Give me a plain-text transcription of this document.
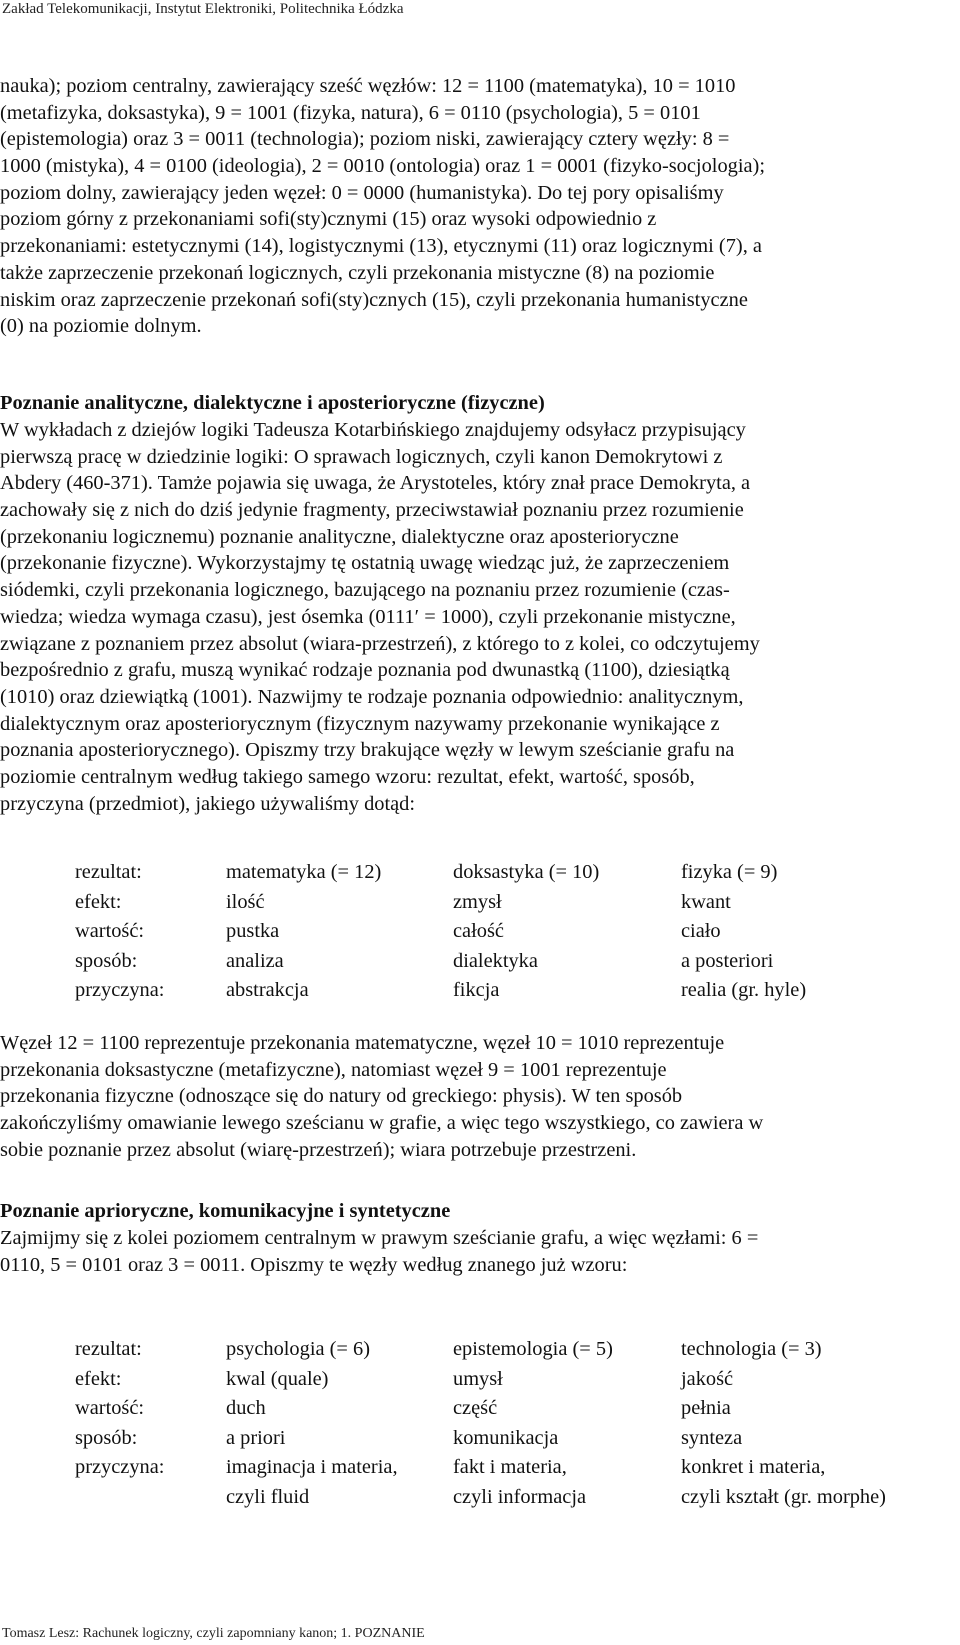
Zakład Telekomunikacji, Instytut Elektroniki, Politechnika Łódzka
nauka); poziom centralny, zawierający sześć węzłów: 12 = 1100 (matematyka), 10 = 1010
(metafizyka, doksastyka), 9 = 1001 (fizyka, natura), 6 = 0110 (psychologia), 5 = 0101
(epistemologia) oraz 3 = 0011 (technologia); poziom niski, zawierający cztery węzły: 8 =
1000 (mistyka), 4 = 0100 (ideologia), 2 = 0010 (ontologia) oraz 1 = 0001 (fizyko-socjologia);
poziom dolny, zawierający jeden węzeł: 0 = 0000 (humanistyka). Do tej pory opisaliśmy
poziom górny z przekonaniami sofi(sty)cznymi (15) oraz wysoki odpowiednio z
przekonaniami: estetycznymi (14), logistycznymi (13), etycznymi (11) oraz logicznymi (7), a
także zaprzeczenie przekonań logicznych, czyli przekonania mistyczne (8) na poziomie
niskim oraz zaprzeczenie przekonań sofi(sty)cznych (15), czyli przekonania humanistyczne
(0) na poziomie dolnym.
Poznanie analityczne, dialektyczne i aposterioryczne (fizyczne)
W wykładach z dziejów logiki Tadeusza Kotarbińskiego znajdujemy odsyłacz przypisujący
pierwszą pracę w dziedzinie logiki: O sprawach logicznych, czyli kanon Demokrytowi z
Abdery (460-371). Tamże pojawia się uwaga, że Arystoteles, który znał prace Demokryta, a
zachowały się z nich do dziś jedynie fragmenty, przeciwstawiał poznaniu przez rozumienie
(przekonaniu logicznemu) poznanie analityczne, dialektyczne oraz aposterioryczne
(przekonanie fizyczne). Wykorzystajmy tę ostatnią uwagę wiedząc już, że zaprzeczeniem
siódemki, czyli przekonania logicznego, bazującego na poznaniu przez rozumienie (czas-
wiedza; wiedza wymaga czasu), jest ósemka (0111′ = 1000), czyli przekonanie mistyczne,
związane z poznaniem przez absolut (wiara-przestrzeń), z którego to z kolei, co odczytujemy
bezpośrednio z grafu, muszą wynikać rodzaje poznania pod dwunastką (1100), dziesiątką
(1010) oraz dziewiątką (1001). Nazwijmy te rodzaje poznania odpowiednio: analitycznym,
dialektycznym oraz aposteriorycznym (fizycznym nazywamy przekonanie wynikające z
poznania aposteriorycznego). Opiszmy trzy brakujące węzły w lewym sześcianie grafu na
poziomie centralnym według takiego samego wzoru: rezultat, efekt, wartość, sposób,
przyczyna (przedmiot), jakiego używaliśmy dotąd:
rezultat:	matematyka (= 12)	doksastyka (= 10)	fizyka (= 9)
efekt:	ilość	zmysł	kwant
wartość:	pustka	całość	ciało
sposób:	analiza	dialektyka	a posteriori
przyczyna:	abstrakcja	fikcja	realia (gr. hyle)
Węzeł 12 = 1100 reprezentuje przekonania matematyczne, węzeł 10 = 1010 reprezentuje
przekonania doksastyczne (metafizyczne), natomiast węzeł 9 = 1001 reprezentuje
przekonania fizyczne (odnoszące się do natury od greckiego: physis). W ten sposób
zakończyliśmy omawianie lewego sześcianu w grafie, a więc tego wszystkiego, co zawiera w
sobie poznanie przez absolut (wiarę-przestrzeń); wiara potrzebuje przestrzeni.
Poznanie aprioryczne, komunikacyjne i syntetyczne
Zajmijmy się z kolei poziomem centralnym w prawym sześcianie grafu, a więc węzłami: 6 =
0110, 5 = 0101 oraz 3 = 0011. Opiszmy te węzły według znanego już wzoru:
rezultat:	psychologia (= 6)	epistemologia (= 5)	technologia (= 3)
efekt:	kwal (quale)	umysł	jakość
wartość:	duch	część	pełnia
sposób:	a priori	komunikacja	synteza
przyczyna:	imaginacja i materia,	fakt i materia,	konkret i materia,
czyli fluid	czyli informacja	czyli kształt (gr. morphe)
Tomasz Lesz: Rachunek logiczny, czyli zapomniany kanon; 1. POZNANIE
